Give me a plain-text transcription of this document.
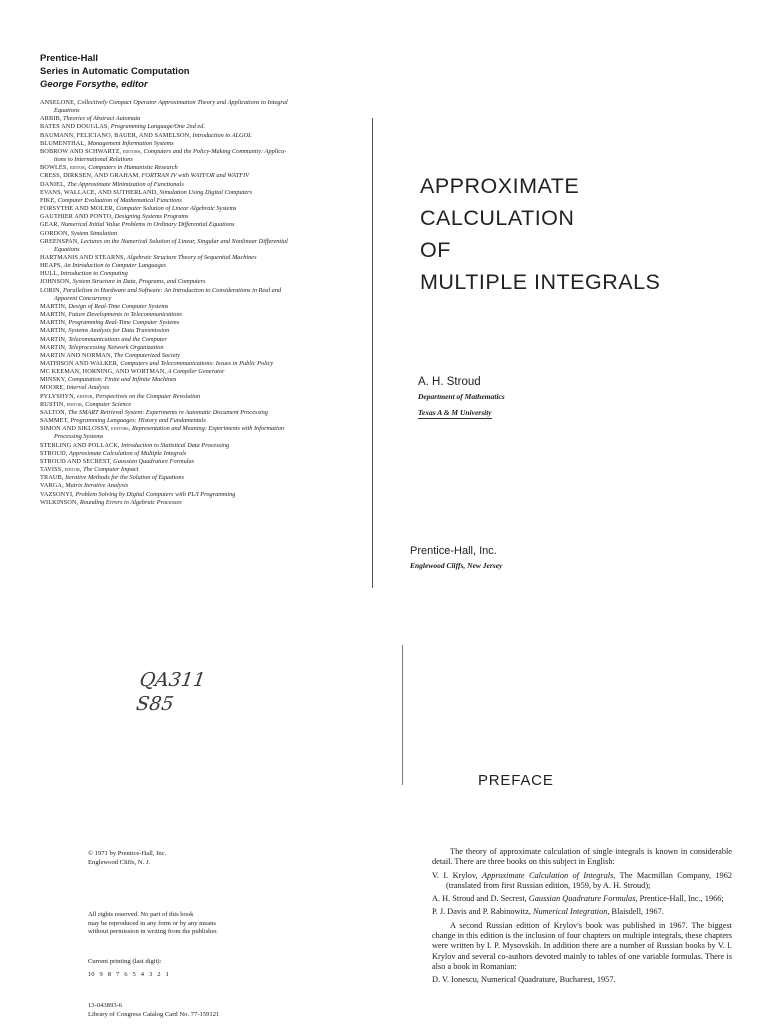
Prentice-Hall
Series in Automatic Computation
George Forsythe, editor
ANSELONE, Collectively Compact Operator Approximation Theory and Applications to Integral
Equations
ARBIB, Theories of Abstract Automata
BATES AND DOUGLAS, Programming Language/One 2nd ed.
BAUMANN, FELICIANO, BAUER, AND SAMELSON, Introduction to ALGOL
BLUMENTHAL, Management Information Systems
BOBROW AND SCHWARTZ, editors, Computers and the Policy-Making Community: Applica-
tions to International Relations
BOWLES, editor, Computers in Humanistic Research
CRESS, DIRKSEN, AND GRAHAM, FORTRAN IV with WATFOR and WATFIV
DANIEL, The Approximate Minimization of Functionals
EVANS, WALLACE, AND SUTHERLAND, Simulation Using Digital Computers
FIKE, Computer Evaluation of Mathematical Functions
FORSYTHE AND MOLER, Computer Solution of Linear Algebraic Systems
GAUTHIER AND PONTO, Designing Systems Programs
GEAR, Numerical Initial Value Problems in Ordinary Differential Equations
GORDON, System Simulation
GREENSPAN, Lectures on the Numerical Solution of Linear, Singular and Nonlinear Differential
Equations
HARTMANIS AND STEARNS, Algebraic Structure Theory of Sequential Machines
HEAPS, An Introduction to Computer Languages
HULL, Introduction to Computing
JOHNSON, System Structure in Data, Programs, and Computers
LORIN, Parallelism in Hardware and Software: An Introduction to Considerations in Real and
Apparent Concurrency
MARTIN, Design of Real-Time Computer Systems
MARTIN, Future Developments in Telecommunications
MARTIN, Programming Real-Time Computer Systems
MARTIN, Systems Analysis for Data Transmission
MARTIN, Telecommunications and the Computer
MARTIN, Teleprocessing Network Organization
MARTIN AND NORMAN, The Computerized Society
MATHISON AND WALKER, Computers and Telecommunications: Issues in Public Policy
MC KEEMAN, HORNING, AND WORTMAN, A Compiler Generator
MINSKY, Computation: Finite and Infinite Machines
MOORE, Interval Analysis
PYLYSHYN, editor, Perspectives on the Computer Revolution
RUSTIN, editor, Computer Science
SALTON, The SMART Retrieval System: Experiments in Automatic Document Processing
SAMMET, Programming Languages: History and Fundamentals
SIMON AND SIKLOSSY, editors, Representation and Meaning: Experiments with Information
Processing Systems
STERLING AND POLLACK, Introduction to Statistical Data Processing
STROUD, Approximate Calculation of Multiple Integrals
STROUD AND SECREST, Gaussian Quadrature Formulas
TAVISS, editor, The Computer Impact
TRAUB, Iterative Methods for the Solution of Equations
VARGA, Matrix Iterative Analysis
VAZSONYI, Problem Solving by Digital Computers with PL/I Programming
WILKINSON, Rounding Errors in Algebraic Processes
APPROXIMATE
CALCULATION
OF
MULTIPLE INTEGRALS
A. H. Stroud
Department of Mathematics
Texas A & M University
Prentice-Hall, Inc.
Englewood Cliffs, New Jersey
QA311
S85
© 1971 by Prentice-Hall, Inc.
Englewood Cliffs, N. J.
All rights reserved. No part of this book
may be reproduced in any form or by any means
without permission in writing from the publisher.
Current printing (last digit):
10   9   8   7   6   5   4   3   2   1
13-043893-6
Library of Congress Catalog Card No. 77-159121
PREFACE

The theory of approximate calculation of single integrals is known in considerable detail. There are three books on this subject in English:

V. I. Krylov, Approximate Calculation of Integrals, The Macmillan Company, 1962 (translated from first Russian edition, 1959, by A. H. Stroud);

A. H. Stroud and D. Secrest, Gaussian Quadrature Formulas, Prentice-Hall, Inc., 1966;

P. J. Davis and P. Rabinowitz, Numerical Integration, Blaisdell, 1967.

A second Russian edition of Krylov's book was published in 1967. The biggest change in this edition is the inclusion of four chapters on multiple integrals, these chapters were written by I. P. Mysovskih. In addition there are a number of Russian books by V. I. Krylov and several co-authors devoted mainly to tables of one variable formulas. There is also a book in Romanian:

D. V. Ionescu, Numerical Quadrature, Bucharest, 1957.
